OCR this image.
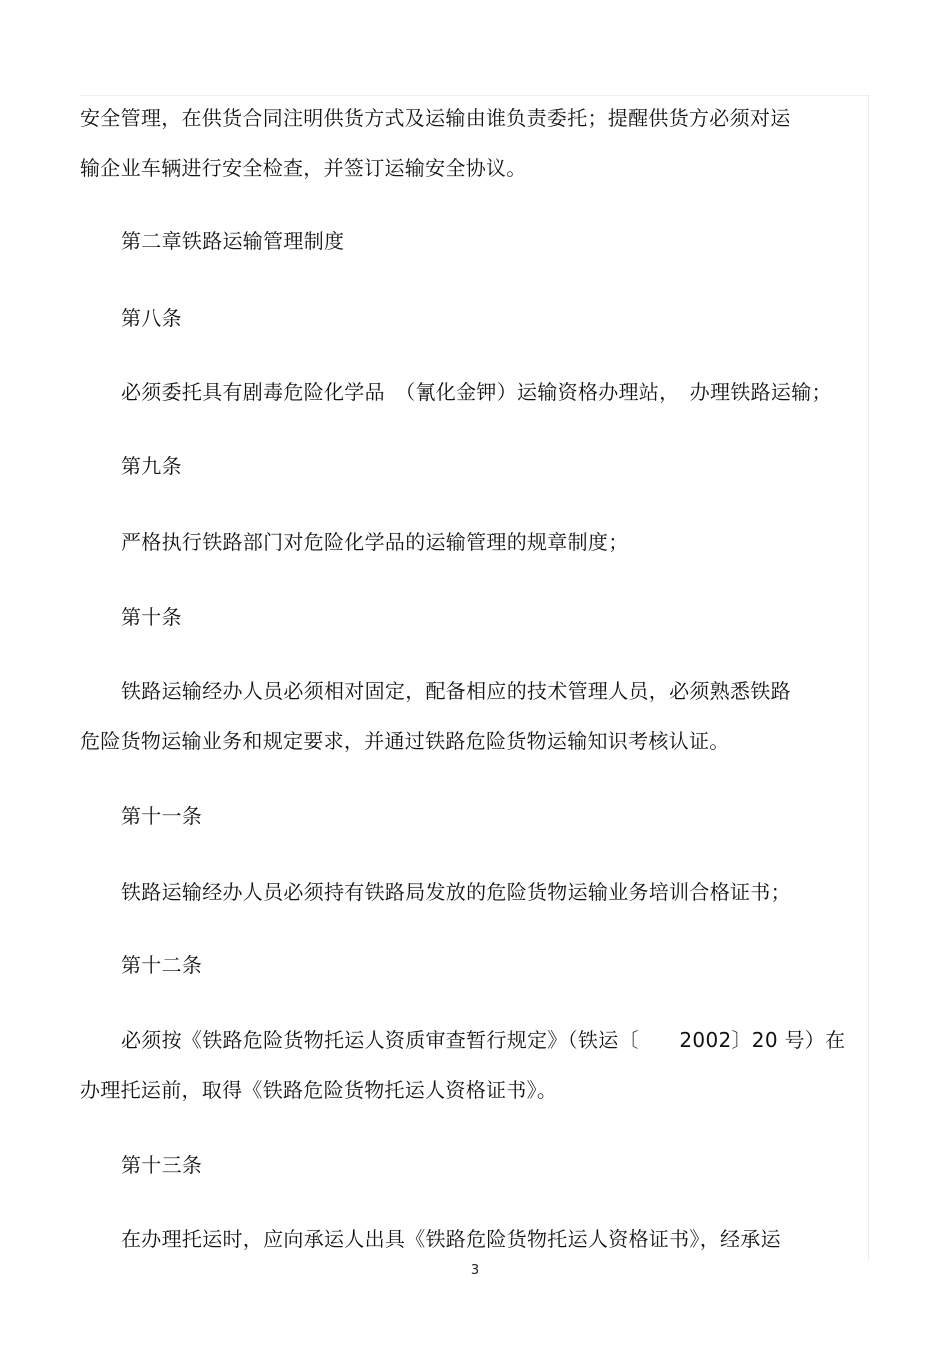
安全管理，在供货合同注明供货方式及运输由谁负责委托；提醒供货方必须对运
输企业车辆进行安全检查，并签订运输安全协议。
第二章铁路运输管理制度
第八条
必须委托具有剧毒危险化学品　（氰化金钾）运输资格办理站，　办理铁路运输；
第九条
严格执行铁路部门对危险化学品的运输管理的规章制度；
第十条
铁路运输经办人员必须相对固定，配备相应的技术管理人员，必须熟悉铁路
危险货物运输业务和规定要求，并通过铁路危险货物运输知识考核认证。
第十一条
铁路运输经办人员必须持有铁路局发放的危险货物运输业务培训合格证书；
第十二条
必须按《铁路危险货物托运人资质审查暂行规定》（铁运〔　　2002〕20 号）在
办理托运前，取得《铁路危险货物托运人资格证书》。
第十三条
在办理托运时，应向承运人出具《铁路危险货物托运人资格证书》，经承运
3
